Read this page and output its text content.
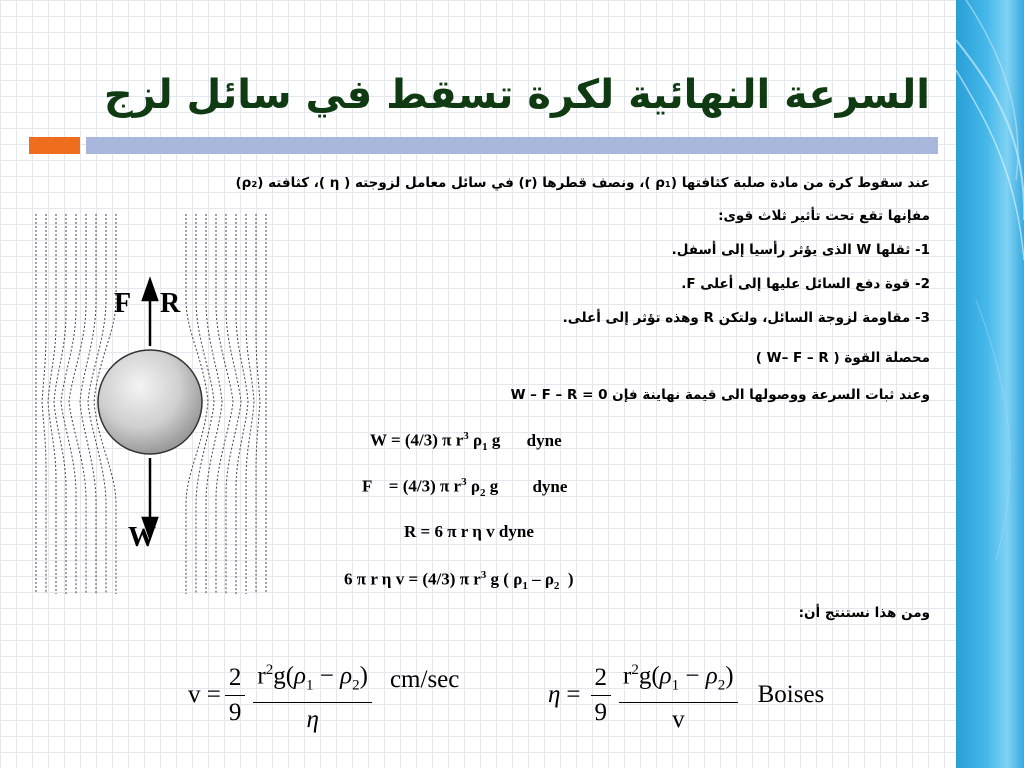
السرعة النهائية لكرة تسقط في سائل لزج
عند سقوط كرة من مادة صلبة كثافتها (ρ₁ )، ونصف قطرها (r) في سائل معامل لزوجته ( η )، كثافته (ρ₂)
مفإنها تقع تحت تأثير ثلاث قوى:
1- ثقلها W الذى يؤثر رأسيا إلى أسفل.
2- قوة دفع السائل عليها إلى أعلى F.
3- مقاومة لزوجة السائل، ولتكن R وهذه تؤثر إلى أعلى.
محصلة القوة ( W– F – R )
وعند ثبات السرعة ووصولها الى قيمة نهاينة فإن W – F – R = 0
W = (4/3) π $r^3$ $\rho_1$ g dyne
F    = (4/3) π $r^3$ $\rho_2$ g dyne
R = 6 π r η v dyne
6 π r η v = (4/3) π $r^3$ g ( $\rho_1 - \rho_2$  )
ومن هذا نستنتج أن:
F R
W
$v = \frac{2}{9} \frac{r^2g(\rho_1 - \rho_2)}{\eta} cm/\sec$
$\eta = \frac{2}{9} \frac{r^2g(\rho_1 - \rho_2)}{v}$ Boises
